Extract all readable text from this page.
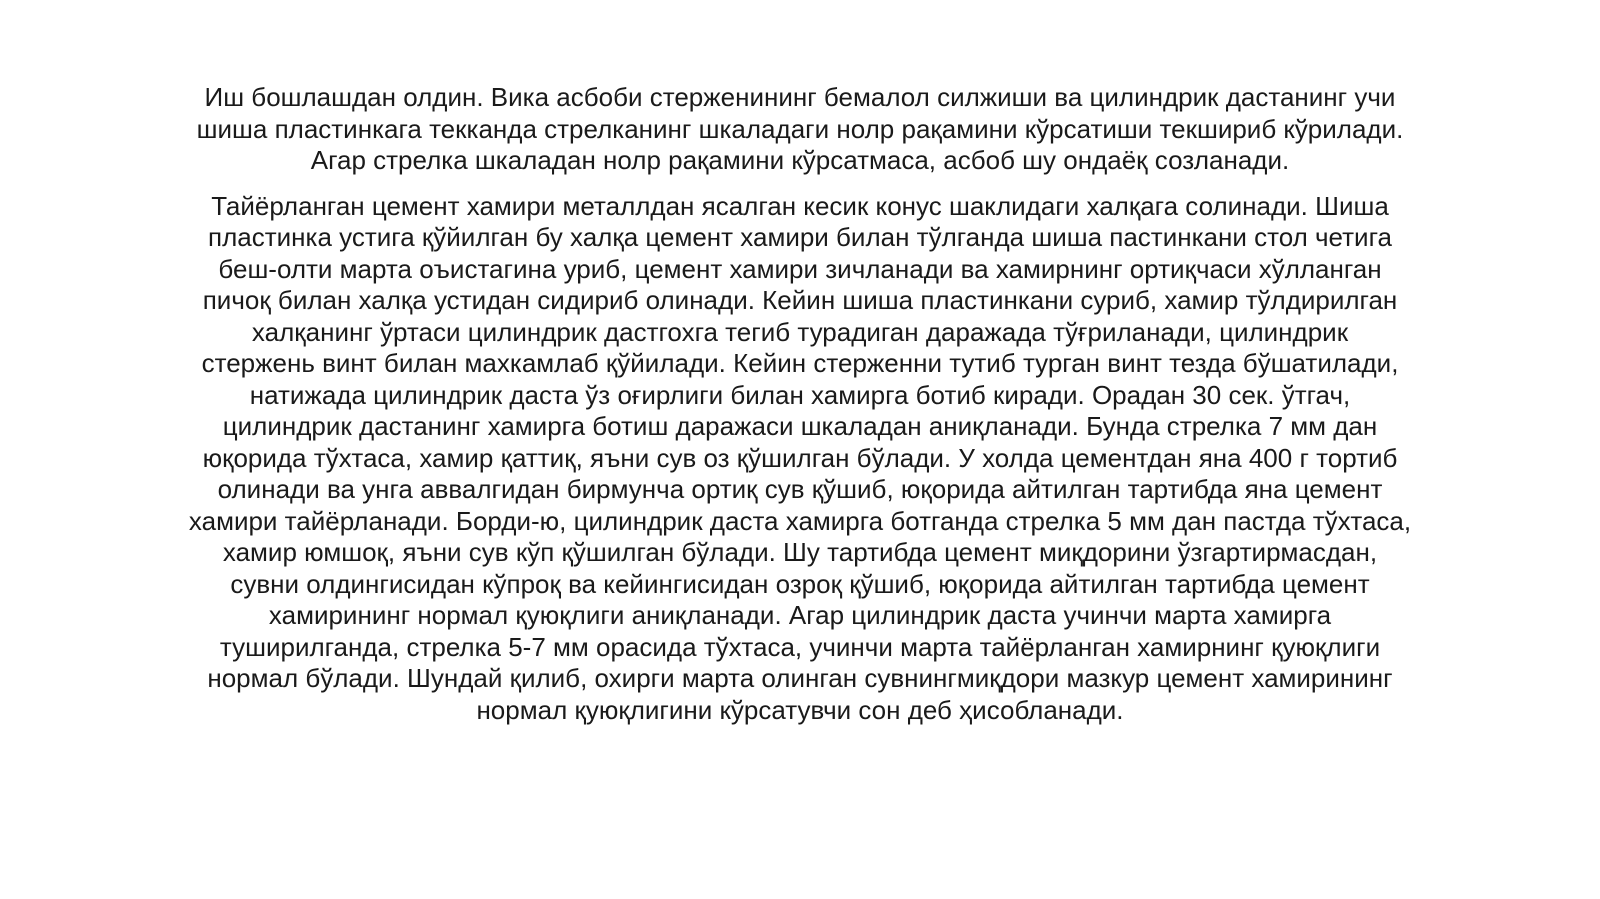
Иш бошлашдан олдин. Вика асбоби стерженининг бемалол силжиши ва цилиндрик дастанинг учи
шиша пластинкага текканда стрелканинг шкаладаги нолр рақамини кўрсатиши текшириб кўрилади.
Агар стрелка шкаладан нолр рақамини кўрсатмаса, асбоб шу ондаёқ созланади.

Тайёрланган цемент хамири металлдан ясалган кесик конус шаклидаги халқага солинади. Шиша
пластинка устига қўйилган бу халқа цемент хамири билан тўлганда шиша пастинкани стол четига
беш-олти марта оъистагина уриб, цемент хамири зичланади ва хамирнинг ортиқчаси хўлланган
пичоқ билан халқа устидан сидириб олинади. Кейин шиша пластинкани суриб, хамир тўлдирилган
халқанинг ўртаси цилиндрик дастгохга тегиб турадиган даражада тўғриланади, цилиндрик
стержень винт билан махкамлаб қўйилади. Кейин стерженни тутиб турган винт тезда бўшатилади,
натижада цилиндрик даста ўз оғирлиги билан хамирга ботиб киради. Орадан 30 сек. ўтгач,
цилиндрик дастанинг хамирга ботиш даражаси шкаладан аниқланади. Бунда стрелка 7 мм дан
юқорида тўхтаса, хамир қаттиқ, яъни сув оз қўшилган бўлади. У холда цементдан яна 400 г тортиб
олинади ва унга аввалгидан бирмунча ортиқ сув қўшиб, юқорида айтилган тартибда яна цемент
хамири тайёрланади. Борди-ю, цилиндрик даста хамирга ботганда стрелка 5 мм дан пастда тўхтаса,
хамир юмшоқ, яъни сув кўп қўшилган бўлади. Шу тартибда цемент миқдорини ўзгартирмасдан,
сувни олдингисидан кўпроқ ва кейингисидан озроқ қўшиб, юқорида айтилган тартибда цемент
хамирининг нормал қуюқлиги аниқланади. Агар цилиндрик даста учинчи марта хамирга
туширилганда, стрелка 5-7 мм орасида тўхтаса, учинчи марта тайёрланган хамирнинг қуюқлиги
нормал бўлади. Шундай қилиб, охирги марта олинган сувнингмиқдори мазкур цемент хамирининг
нормал қуюқлигини кўрсатувчи сон деб ҳисобланади.
